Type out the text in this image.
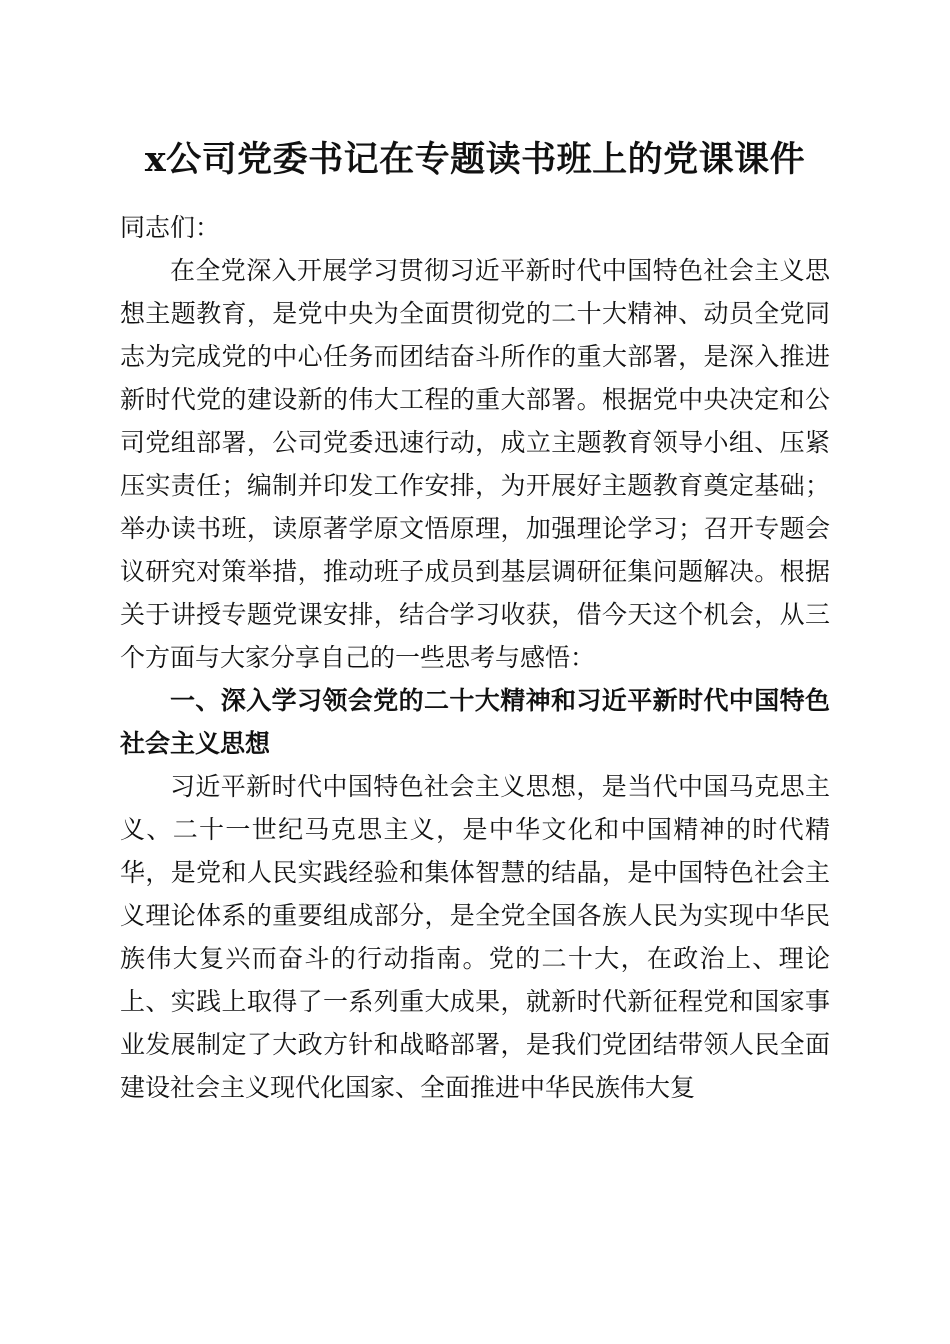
x公司党委书记在专题读书班上的党课课件

同志们：

在全党深入开展学习贯彻习近平新时代中国特色社会主义思想主题教育，是党中央为全面贯彻党的二十大精神、动员全党同志为完成党的中心任务而团结奋斗所作的重大部署，是深入推进新时代党的建设新的伟大工程的重大部署。根据党中央决定和公司党组部署，公司党委迅速行动，成立主题教育领导小组、压紧压实责任；编制并印发工作安排，为开展好主题教育奠定基础；举办读书班，读原著学原文悟原理，加强理论学习；召开专题会议研究对策举措，推动班子成员到基层调研征集问题解决。根据关于讲授专题党课安排，结合学习收获，借今天这个机会，从三个方面与大家分享自己的一些思考与感悟：

一、深入学习领会党的二十大精神和习近平新时代中国特色社会主义思想

习近平新时代中国特色社会主义思想，是当代中国马克思主义、二十一世纪马克思主义，是中华文化和中国精神的时代精华，是党和人民实践经验和集体智慧的结晶，是中国特色社会主义理论体系的重要组成部分，是全党全国各族人民为实现中华民族伟大复兴而奋斗的行动指南。党的二十大，在政治上、理论上、实践上取得了一系列重大成果，就新时代新征程党和国家事业发展制定了大政方针和战略部署，是我们党团结带领人民全面建设社会主义现代化国家、全面推进中华民族伟大复
